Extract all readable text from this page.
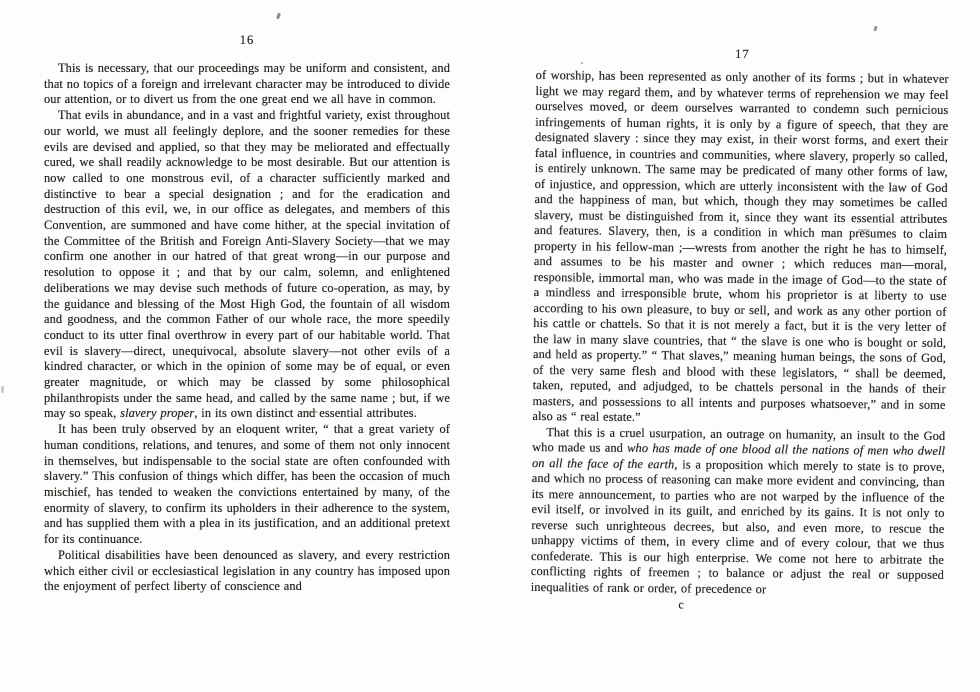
16

This is necessary, that our proceedings may be uniform and consistent, and that no topics of a foreign and irrelevant character may be introduced to divide our attention, or to divert us from the one great end we all have in common.

That evils in abundance, and in a vast and frightful variety, exist throughout our world, we must all feelingly deplore, and the sooner remedies for these evils are devised and applied, so that they may be meliorated and effectually cured, we shall readily acknowledge to be most desirable. But our attention is now called to one monstrous evil, of a character sufficiently marked and distinctive to bear a special designation ; and for the eradication and destruction of this evil, we, in our office as delegates, and members of this Convention, are summoned and have come hither, at the special invitation of the Committee of the British and Foreign Anti-Slavery Society—that we may confirm one another in our hatred of that great wrong—in our purpose and resolution to oppose it ; and that by our calm, solemn, and enlightened deliberations we may devise such methods of future co-operation, as may, by the guidance and blessing of the Most High God, the fountain of all wisdom and goodness, and the common Father of our whole race, the more speedily conduct to its utter final overthrow in every part of our habitable world. That evil is slavery—direct, unequivocal, absolute slavery—not other evils of a kindred character, or which in the opinion of some may be of equal, or even greater magnitude, or which may be classed by some philosophical philanthropists under the same head, and called by the same name ; but, if we may so speak, slavery proper, in its own distinct and essential attributes.

It has been truly observed by an eloquent writer, “ that a great variety of human conditions, relations, and tenures, and some of them not only innocent in themselves, but indispensable to the social state are often confounded with slavery.” This confusion of things which differ, has been the occasion of much mischief, has tended to weaken the convictions entertained by many, of the enormity of slavery, to confirm its upholders in their adherence to the system, and has supplied them with a plea in its justification, and an additional pretext for its continuance.

Political disabilities have been denounced as slavery, and every restriction which either civil or ecclesiastical legislation in any country has imposed upon the enjoyment of perfect liberty of conscience and

17

of worship, has been represented as only another of its forms ; but in whatever light we may regard them, and by whatever terms of reprehension we may feel ourselves moved, or deem ourselves warranted to condemn such pernicious infringements of human rights, it is only by a figure of speech, that they are designated slavery : since they may exist, in their worst forms, and exert their fatal influence, in countries and communities, where slavery, properly so called, is entirely unknown. The same may be predicated of many other forms of law, of injustice, and oppression, which are utterly inconsistent with the law of God and the happiness of man, but which, though they may sometimes be called slavery, must be distinguished from it, since they want its essential attributes and features. Slavery, then, is a condition in which man presumes to claim property in his fellow-man ;—wrests from another the right he has to himself, and assumes to be his master and owner ; which reduces man—moral, responsible, immortal man, who was made in the image of God—to the state of a mindless and irresponsible brute, whom his proprietor is at liberty to use according to his own pleasure, to buy or sell, and work as any other portion of his cattle or chattels. So that it is not merely a fact, but it is the very letter of the law in many slave countries, that “ the slave is one who is bought or sold, and held as property.” “ That slaves,” meaning human beings, the sons of God, of the very same flesh and blood with these legislators, “ shall be deemed, taken, reputed, and adjudged, to be chattels personal in the hands of their masters, and possessions to all intents and purposes whatsoever,” and in some also as “ real estate.”

That this is a cruel usurpation, an outrage on humanity, an insult to the God who made us and who has made of one blood all the nations of men who dwell on all the face of the earth, is a proposition which merely to state is to prove, and which no process of reasoning can make more evident and convincing, than its mere announcement, to parties who are not warped by the influence of the evil itself, or involved in its guilt, and enriched by its gains. It is not only to reverse such unrighteous decrees, but also, and even more, to rescue the unhappy victims of them, in every clime and of every colour, that we thus confederate. This is our high enterprise. We come not here to arbitrate the conflicting rights of freemen ; to balance or adjust the real or supposed inequalities of rank or order, of precedence or

c
